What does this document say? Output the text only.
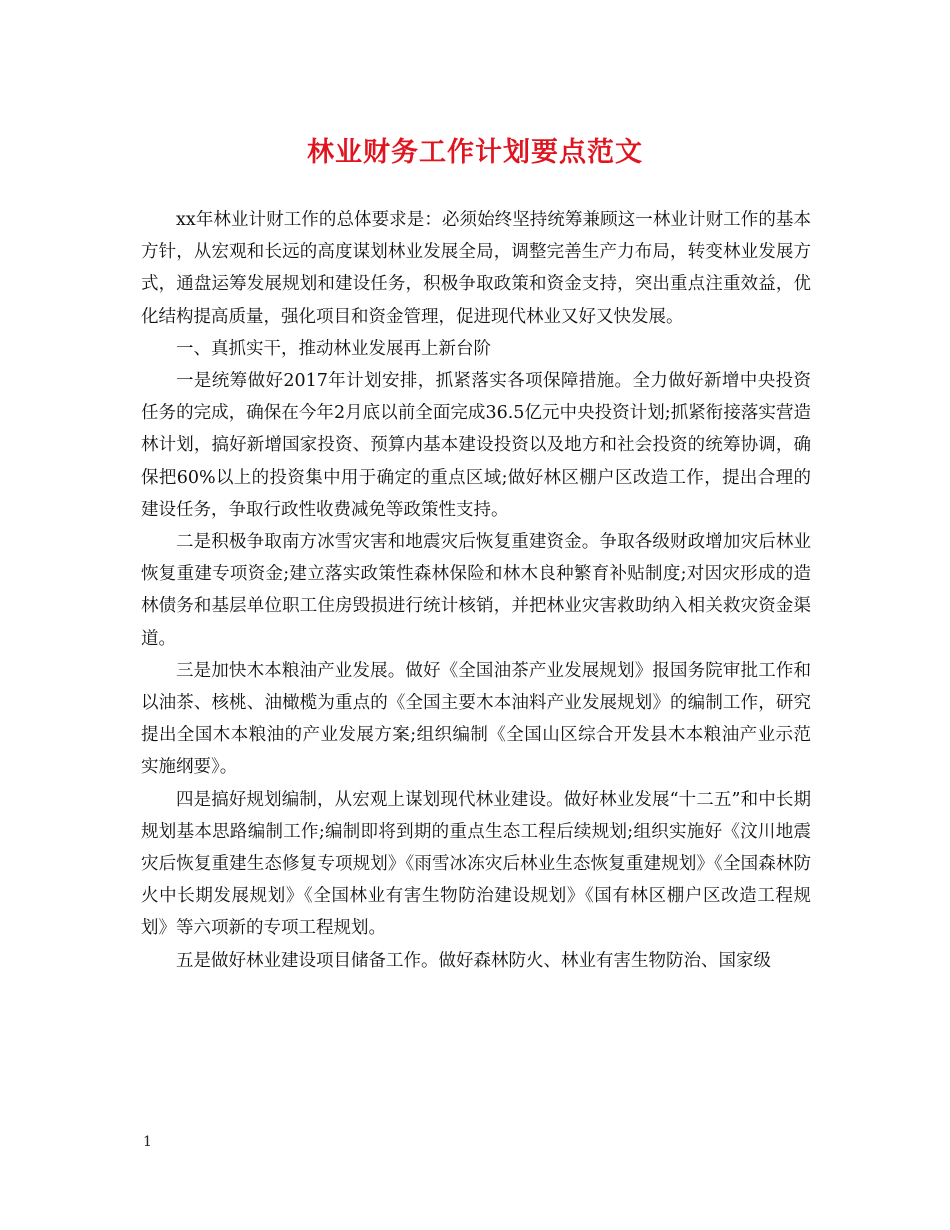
林业财务工作计划要点范文

xx年林业计财工作的总体要求是：必须始终坚持统筹兼顾这一林业计财工作的基本方针，从宏观和长远的高度谋划林业发展全局，调整完善生产力布局，转变林业发展方式，通盘运筹发展规划和建设任务，积极争取政策和资金支持，突出重点注重效益，优化结构提高质量，强化项目和资金管理，促进现代林业又好又快发展。

一、真抓实干，推动林业发展再上新台阶

一是统筹做好2017年计划安排，抓紧落实各项保障措施。全力做好新增中央投资任务的完成，确保在今年2月底以前全面完成36.5亿元中央投资计划;抓紧衔接落实营造林计划，搞好新增国家投资、预算内基本建设投资以及地方和社会投资的统筹协调，确保把60%以上的投资集中用于确定的重点区域;做好林区棚户区改造工作，提出合理的建设任务，争取行政性收费减免等政策性支持。

二是积极争取南方冰雪灾害和地震灾后恢复重建资金。争取各级财政增加灾后林业恢复重建专项资金;建立落实政策性森林保险和林木良种繁育补贴制度;对因灾形成的造林债务和基层单位职工住房毁损进行统计核销，并把林业灾害救助纳入相关救灾资金渠道。

三是加快木本粮油产业发展。做好《全国油茶产业发展规划》报国务院审批工作和以油茶、核桃、油橄榄为重点的《全国主要木本油料产业发展规划》的编制工作，研究提出全国木本粮油的产业发展方案;组织编制《全国山区综合开发县木本粮油产业示范实施纲要》。

四是搞好规划编制，从宏观上谋划现代林业建设。做好林业发展“十二五”和中长期规划基本思路编制工作;编制即将到期的重点生态工程后续规划;组织实施好《汶川地震灾后恢复重建生态修复专项规划》《雨雪冰冻灾后林业生态恢复重建规划》《全国森林防火中长期发展规划》《全国林业有害生物防治建设规划》《国有林区棚户区改造工程规划》等六项新的专项工程规划。

五是做好林业建设项目储备工作。做好森林防火、林业有害生物防治、国家级

1
